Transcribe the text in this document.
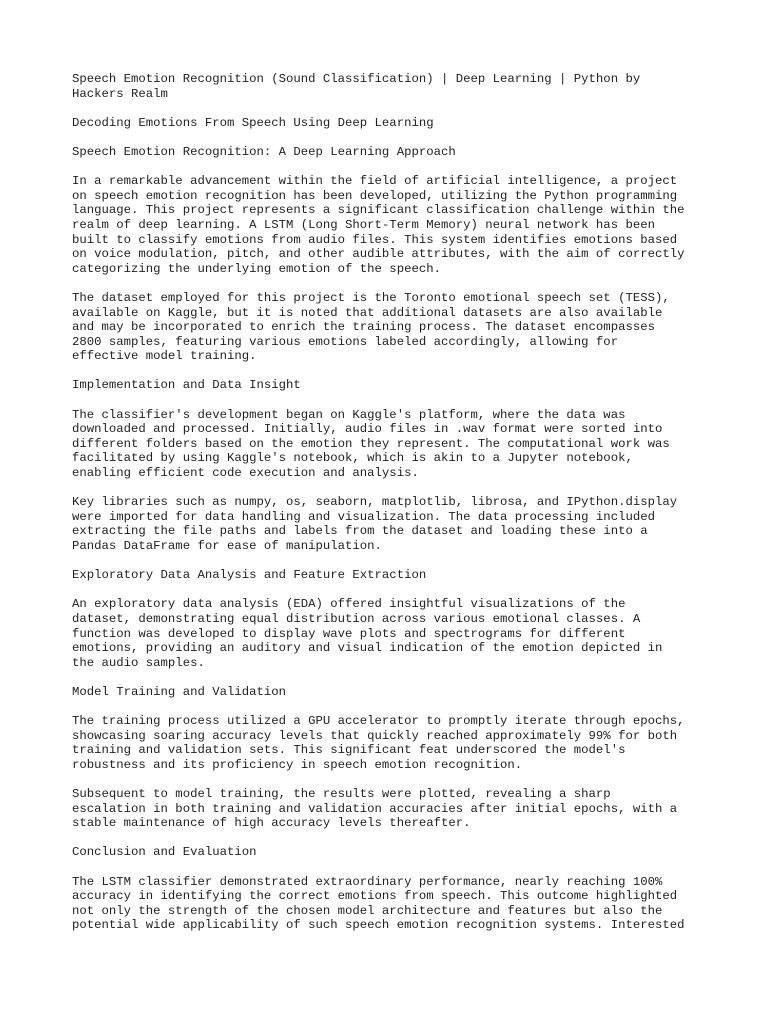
Speech Emotion Recognition (Sound Classification) | Deep Learning | Python by
Hackers Realm
Decoding Emotions From Speech Using Deep Learning
Speech Emotion Recognition: A Deep Learning Approach
In a remarkable advancement within the field of artificial intelligence, a project
on speech emotion recognition has been developed, utilizing the Python programming
language. This project represents a significant classification challenge within the
realm of deep learning. A LSTM (Long Short-Term Memory) neural network has been
built to classify emotions from audio files. This system identifies emotions based
on voice modulation, pitch, and other audible attributes, with the aim of correctly
categorizing the underlying emotion of the speech.
The dataset employed for this project is the Toronto emotional speech set (TESS),
available on Kaggle, but it is noted that additional datasets are also available
and may be incorporated to enrich the training process. The dataset encompasses
2800 samples, featuring various emotions labeled accordingly, allowing for
effective model training.
Implementation and Data Insight
The classifier's development began on Kaggle's platform, where the data was
downloaded and processed. Initially, audio files in .wav format were sorted into
different folders based on the emotion they represent. The computational work was
facilitated by using Kaggle's notebook, which is akin to a Jupyter notebook,
enabling efficient code execution and analysis.
Key libraries such as numpy, os, seaborn, matplotlib, librosa, and IPython.display
were imported for data handling and visualization. The data processing included
extracting the file paths and labels from the dataset and loading these into a
Pandas DataFrame for ease of manipulation.
Exploratory Data Analysis and Feature Extraction
An exploratory data analysis (EDA) offered insightful visualizations of the
dataset, demonstrating equal distribution across various emotional classes. A
function was developed to display wave plots and spectrograms for different
emotions, providing an auditory and visual indication of the emotion depicted in
the audio samples.
Model Training and Validation
The training process utilized a GPU accelerator to promptly iterate through epochs,
showcasing soaring accuracy levels that quickly reached approximately 99% for both
training and validation sets. This significant feat underscored the model's
robustness and its proficiency in speech emotion recognition.
Subsequent to model training, the results were plotted, revealing a sharp
escalation in both training and validation accuracies after initial epochs, with a
stable maintenance of high accuracy levels thereafter.
Conclusion and Evaluation
The LSTM classifier demonstrated extraordinary performance, nearly reaching 100%
accuracy in identifying the correct emotions from speech. This outcome highlighted
not only the strength of the chosen model architecture and features but also the
potential wide applicability of such speech emotion recognition systems. Interested
